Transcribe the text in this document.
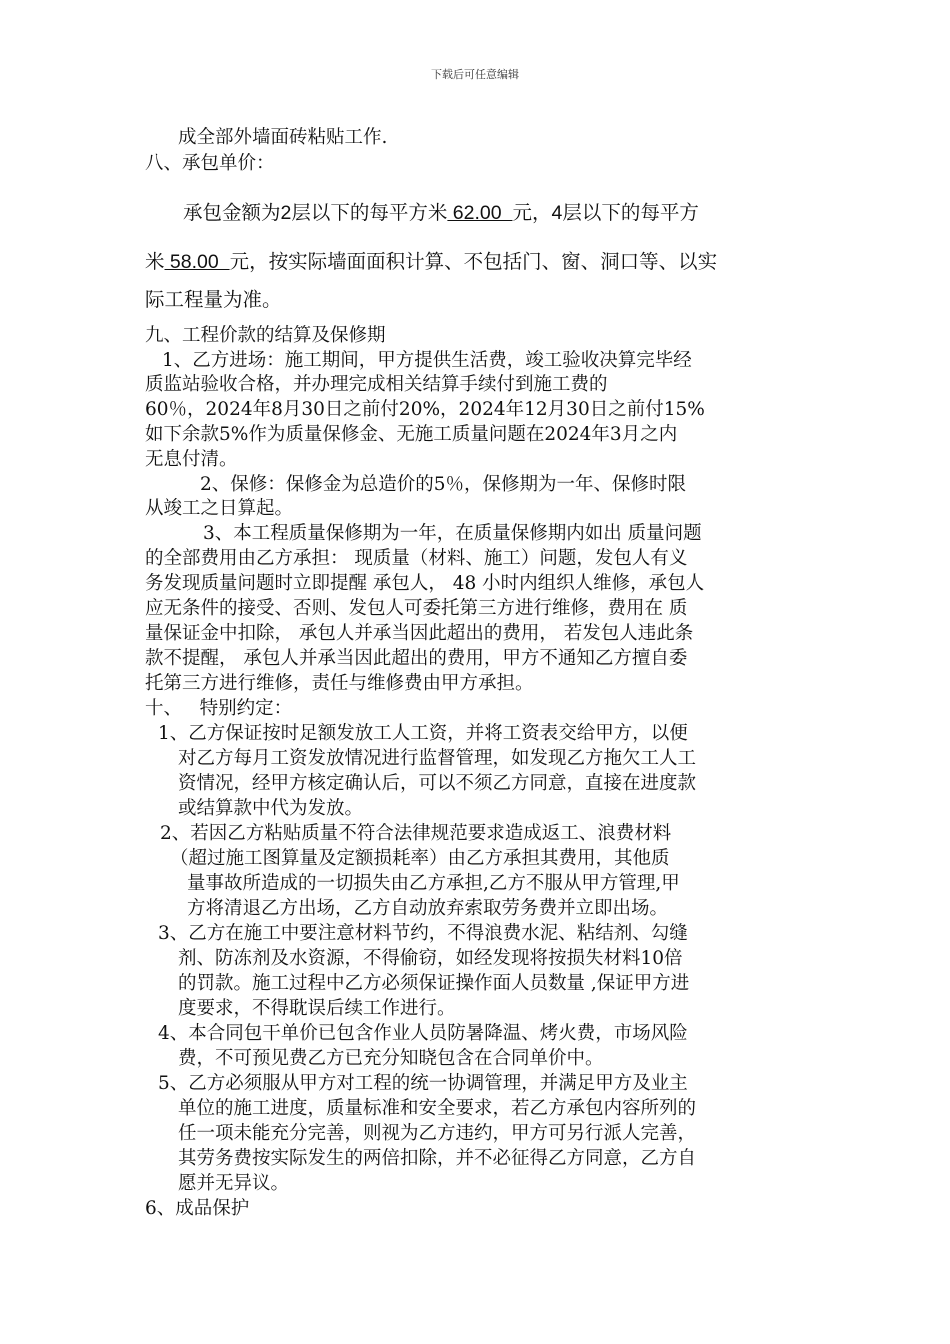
下载后可任意编辑
成全部外墙面砖粘贴工作.
八、承包单价：
承包金额为2层以下的每平方米 62.00  元，4层以下的每平方
米 58.00  元，按实际墙面面积计算、不包括门、窗、洞口等、以实
际工程量为准。
九、工程价款的结算及保修期
1、乙方进场：施工期间，甲方提供生活费，竣工验收决算完毕经
质监站验收合格，并办理完成相关结算手续付到施工费的
60％，2024年8月30日之前付20%，2024年12月30日之前付15%
如下余款5%作为质量保修金、无施工质量问题在2024年3月之内
无息付清。
2、保修：保修金为总造价的5％，保修期为一年、保修时限
从竣工之日算起。
3、本工程质量保修期为一年，在质量保修期内如出 质量问题
的全部费用由乙方承担： 现质量（材料、施工）问题，发包人有义
务发现质量问题时立即提醒 承包人， 48 小时内组织人维修，承包人
应无条件的接受、否则、发包人可委托第三方进行维修，费用在 质
量保证金中扣除， 承包人并承当因此超出的费用， 若发包人违此条
款不提醒， 承包人并承当因此超出的费用，甲方不通知乙方擅自委
托第三方进行维修，责任与维修费由甲方承担。
十、   特别约定：
1、乙方保证按时足额发放工人工资，并将工资表交给甲方，以便
对乙方每月工资发放情况进行监督管理，如发现乙方拖欠工人工
资情况，经甲方核定确认后，可以不须乙方同意，直接在进度款
或结算款中代为发放。
2、若因乙方粘贴质量不符合法律规范要求造成返工、浪费材料
（超过施工图算量及定额损耗率）由乙方承担其费用，其他质
量事故所造成的一切损失由乙方承担,乙方不服从甲方管理,甲
方将清退乙方出场，乙方自动放弃索取劳务费并立即出场。
3、乙方在施工中要注意材料节约，不得浪费水泥、粘结剂、勾缝
剂、防冻剂及水资源，不得偷窃，如经发现将按损失材料10倍
的罚款。施工过程中乙方必须保证操作面人员数量 ,保证甲方进
度要求，不得耽误后续工作进行。
4、本合同包干单价已包含作业人员防暑降温、烤火费，市场风险
费，不可预见费乙方已充分知晓包含在合同单价中。
5、乙方必须服从甲方对工程的统一协调管理，并满足甲方及业主
单位的施工进度，质量标准和安全要求，若乙方承包内容所列的
任一项未能充分完善，则视为乙方违约，甲方可另行派人完善，
其劳务费按实际发生的两倍扣除，并不必征得乙方同意，乙方自
愿并无异议。
6、成品保护
